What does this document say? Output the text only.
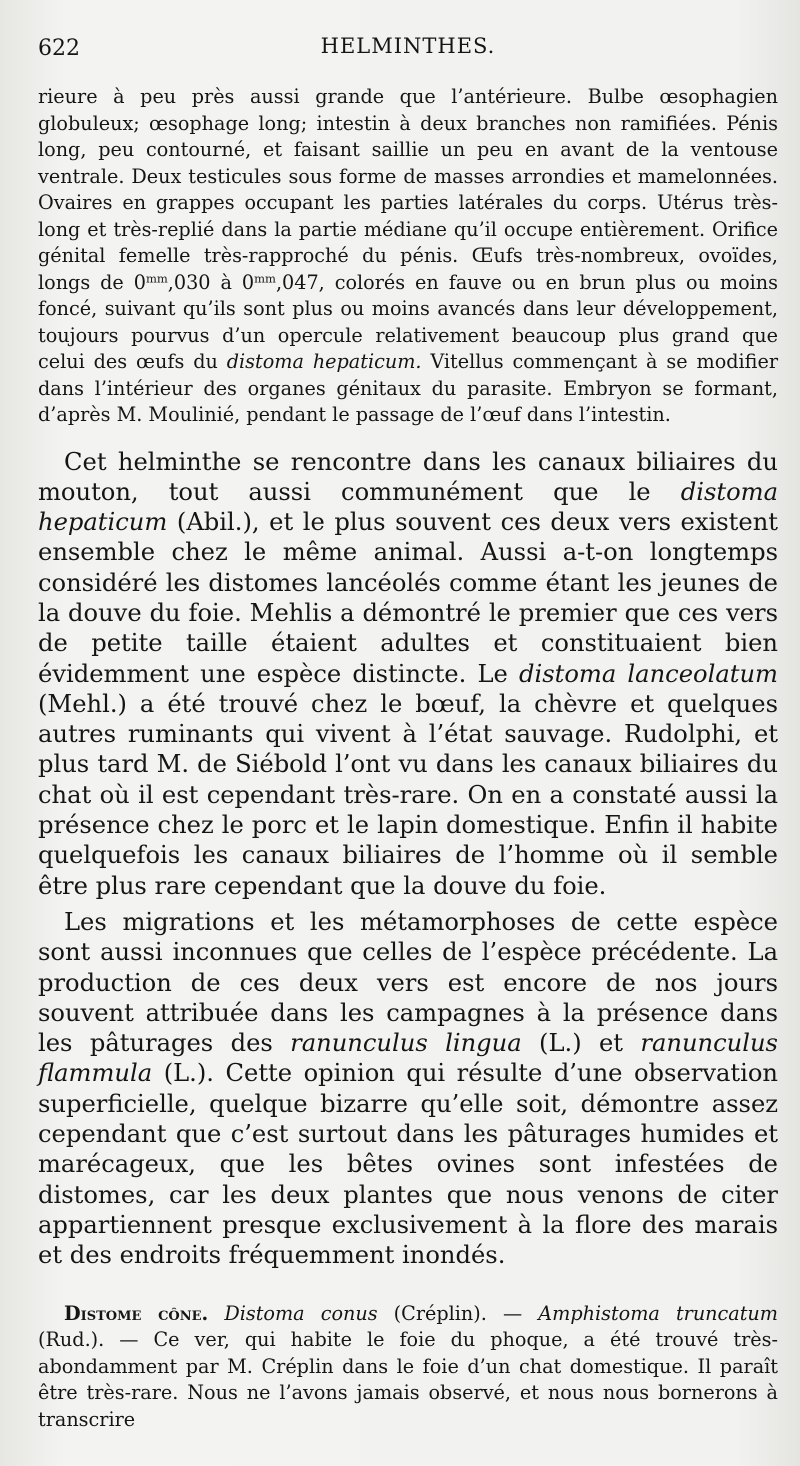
622	HELMINTHES.

rieure à peu près aussi grande que l’antérieure. Bulbe œsophagien globuleux; œsophage long; intestin à deux branches non ramifiées. Pénis long, peu contourné, et faisant saillie un peu en avant de la ventouse ventrale. Deux testicules sous forme de masses arrondies et mamelonnées. Ovaires en grappes occupant les parties latérales du corps. Utérus très-long et très-replié dans la partie médiane qu’il occupe entièrement. Orifice génital femelle très-rapproché du pénis. Œufs très-nombreux, ovoïdes, longs de $0^{mm},030$ à $0^{mm},047$, colorés en fauve ou en brun plus ou moins foncé, suivant qu’ils sont plus ou moins avancés dans leur développement, toujours pourvus d’un opercule relativement beaucoup plus grand que celui des œufs du distoma hepaticum. Vitellus commençant à se modifier dans l’intérieur des organes génitaux du parasite. Embryon se formant, d’après M. Moulinié, pendant le passage de l’œuf dans l’intestin.

Cet helminthe se rencontre dans les canaux biliaires du mouton, tout aussi communément que le distoma hepaticum (Abil.), et le plus souvent ces deux vers existent ensemble chez le même animal. Aussi a-t-on longtemps considéré les distomes lancéolés comme étant les jeunes de la douve du foie. Mehlis a démontré le premier que ces vers de petite taille étaient adultes et constituaient bien évidemment une espèce distincte. Le distoma lanceolatum (Mehl.) a été trouvé chez le bœuf, la chèvre et quelques autres ruminants qui vivent à l’état sauvage. Rudolphi, et plus tard M. de Siébold l’ont vu dans les canaux biliaires du chat où il est cependant très-rare. On en a constaté aussi la présence chez le porc et le lapin domestique. Enfin il habite quelquefois les canaux biliaires de l’homme où il semble être plus rare cependant que la douve du foie.

Les migrations et les métamorphoses de cette espèce sont aussi inconnues que celles de l’espèce précédente. La production de ces deux vers est encore de nos jours souvent attribuée dans les campagnes à la présence dans les pâturages des ranunculus lingua (L.) et ranunculus flammula (L.). Cette opinion qui résulte d’une observation superficielle, quelque bizarre qu’elle soit, démontre assez cependant que c’est surtout dans les pâturages humides et marécageux, que les bêtes ovines sont infestées de distomes, car les deux plantes que nous venons de citer appartiennent presque exclusivement à la flore des marais et des endroits fréquemment inondés.

Distome cône. Distoma conus (Créplin). — Amphistoma truncatum (Rud.). — Ce ver, qui habite le foie du phoque, a été trouvé très-abondamment par M. Créplin dans le foie d’un chat domestique. Il paraît être très-rare. Nous ne l’avons jamais observé, et nous nous bornerons à transcrire
